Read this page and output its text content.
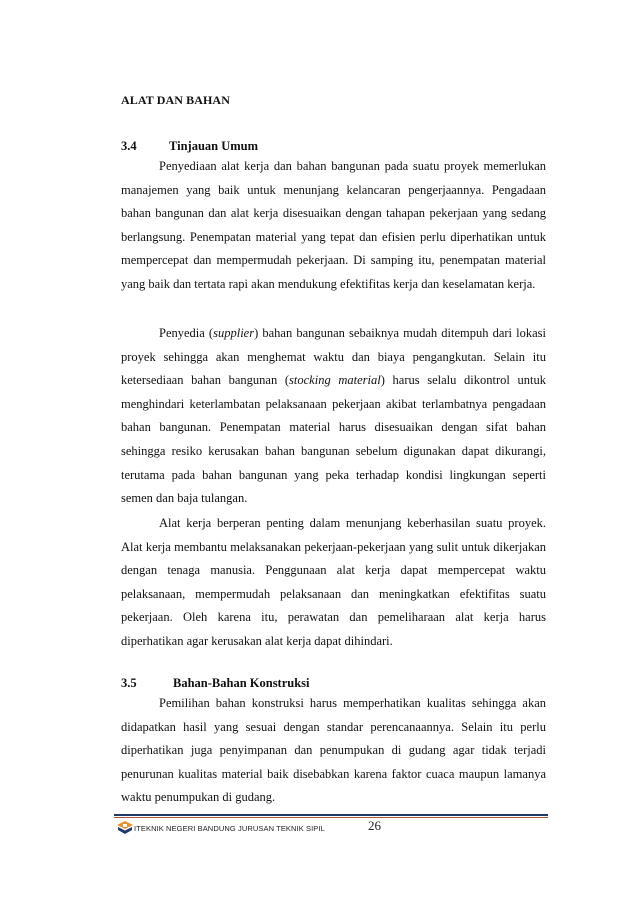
ALAT DAN BAHAN
3.4	Tinjauan Umum

Penyediaan alat kerja dan bahan bangunan pada suatu proyek memerlukan manajemen yang baik untuk menunjang kelancaran pengerjaannya. Pengadaan bahan bangunan dan alat kerja disesuaikan dengan tahapan pekerjaan yang sedang berlangsung. Penempatan material yang tepat dan efisien perlu diperhatikan untuk mempercepat dan mempermudah pekerjaan. Di samping itu, penempatan material yang baik dan tertata rapi akan mendukung efektifitas kerja dan keselamatan kerja.

Penyedia (supplier) bahan bangunan sebaiknya mudah ditempuh dari lokasi proyek sehingga akan menghemat waktu dan biaya pengangkutan. Selain itu ketersediaan bahan bangunan (stocking material) harus selalu dikontrol untuk menghindari keterlambatan pelaksanaan pekerjaan akibat terlambatnya pengadaan bahan bangunan. Penempatan material harus disesuaikan dengan sifat bahan sehingga resiko kerusakan bahan bangunan sebelum digunakan dapat dikurangi, terutama pada bahan bangunan yang peka terhadap kondisi lingkungan seperti semen dan baja tulangan.

Alat kerja berperan penting dalam menunjang keberhasilan suatu proyek. Alat kerja membantu melaksanakan pekerjaan-pekerjaan yang sulit untuk dikerjakan dengan tenaga manusia. Penggunaan alat kerja dapat mempercepat waktu pelaksanaan, mempermudah pelaksanaan dan meningkatkan efektifitas suatu pekerjaan. Oleh karena itu, perawatan dan pemeliharaan alat kerja harus diperhatikan agar kerusakan alat kerja dapat dihindari.

3.5	Bahan-Bahan Konstruksi

Pemilihan bahan konstruksi harus memperhatikan kualitas sehingga akan didapatkan hasil yang sesuai dengan standar perencanaannya. Selain itu perlu diperhatikan juga penyimpanan dan penumpukan di gudang agar tidak terjadi penurunan kualitas material baik disebabkan karena faktor cuaca maupun lamanya waktu penumpukan di gudang.

ITEKNIK NEGERI BANDUNG JURUSAN TEKNIK SIPIL	26
